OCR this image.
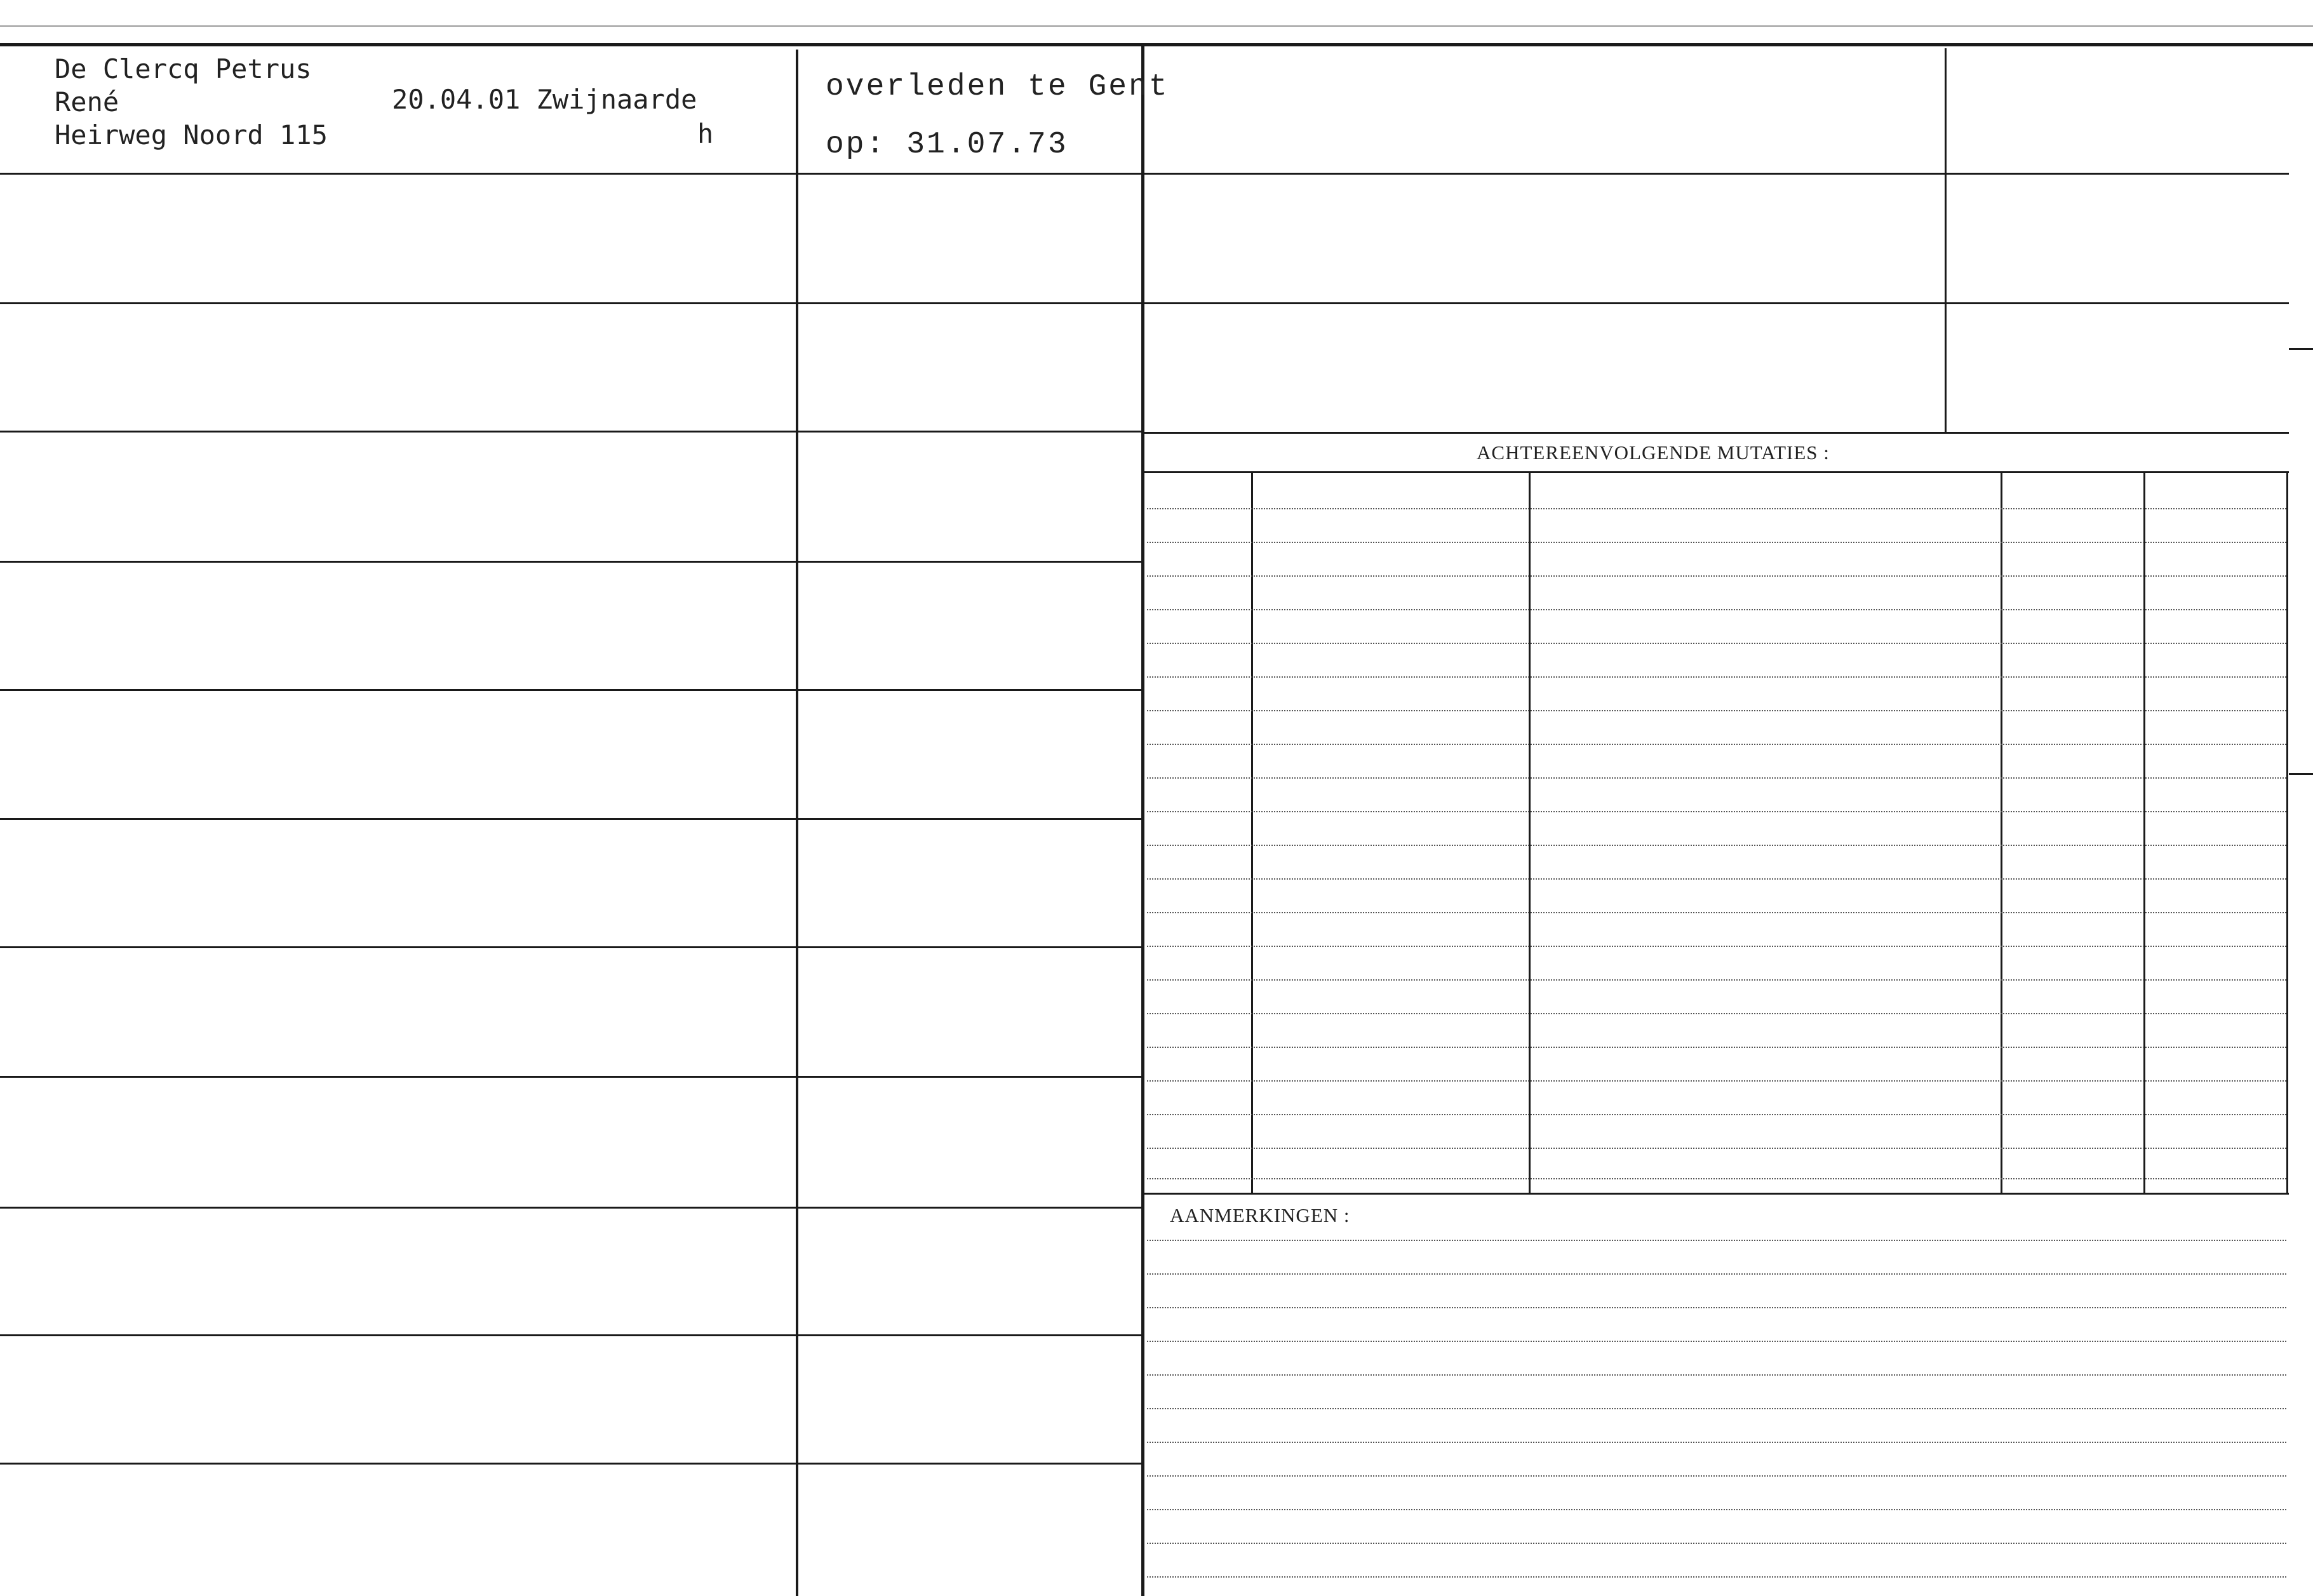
ACHTEREENVOLGENDE MUTATIES :
AANMERKINGEN :
De Clercq Petrus
René	20.04.01 Zwijnaarde
Heirweg Noord 115	h
overleden te Gent
op: 31.07.73
